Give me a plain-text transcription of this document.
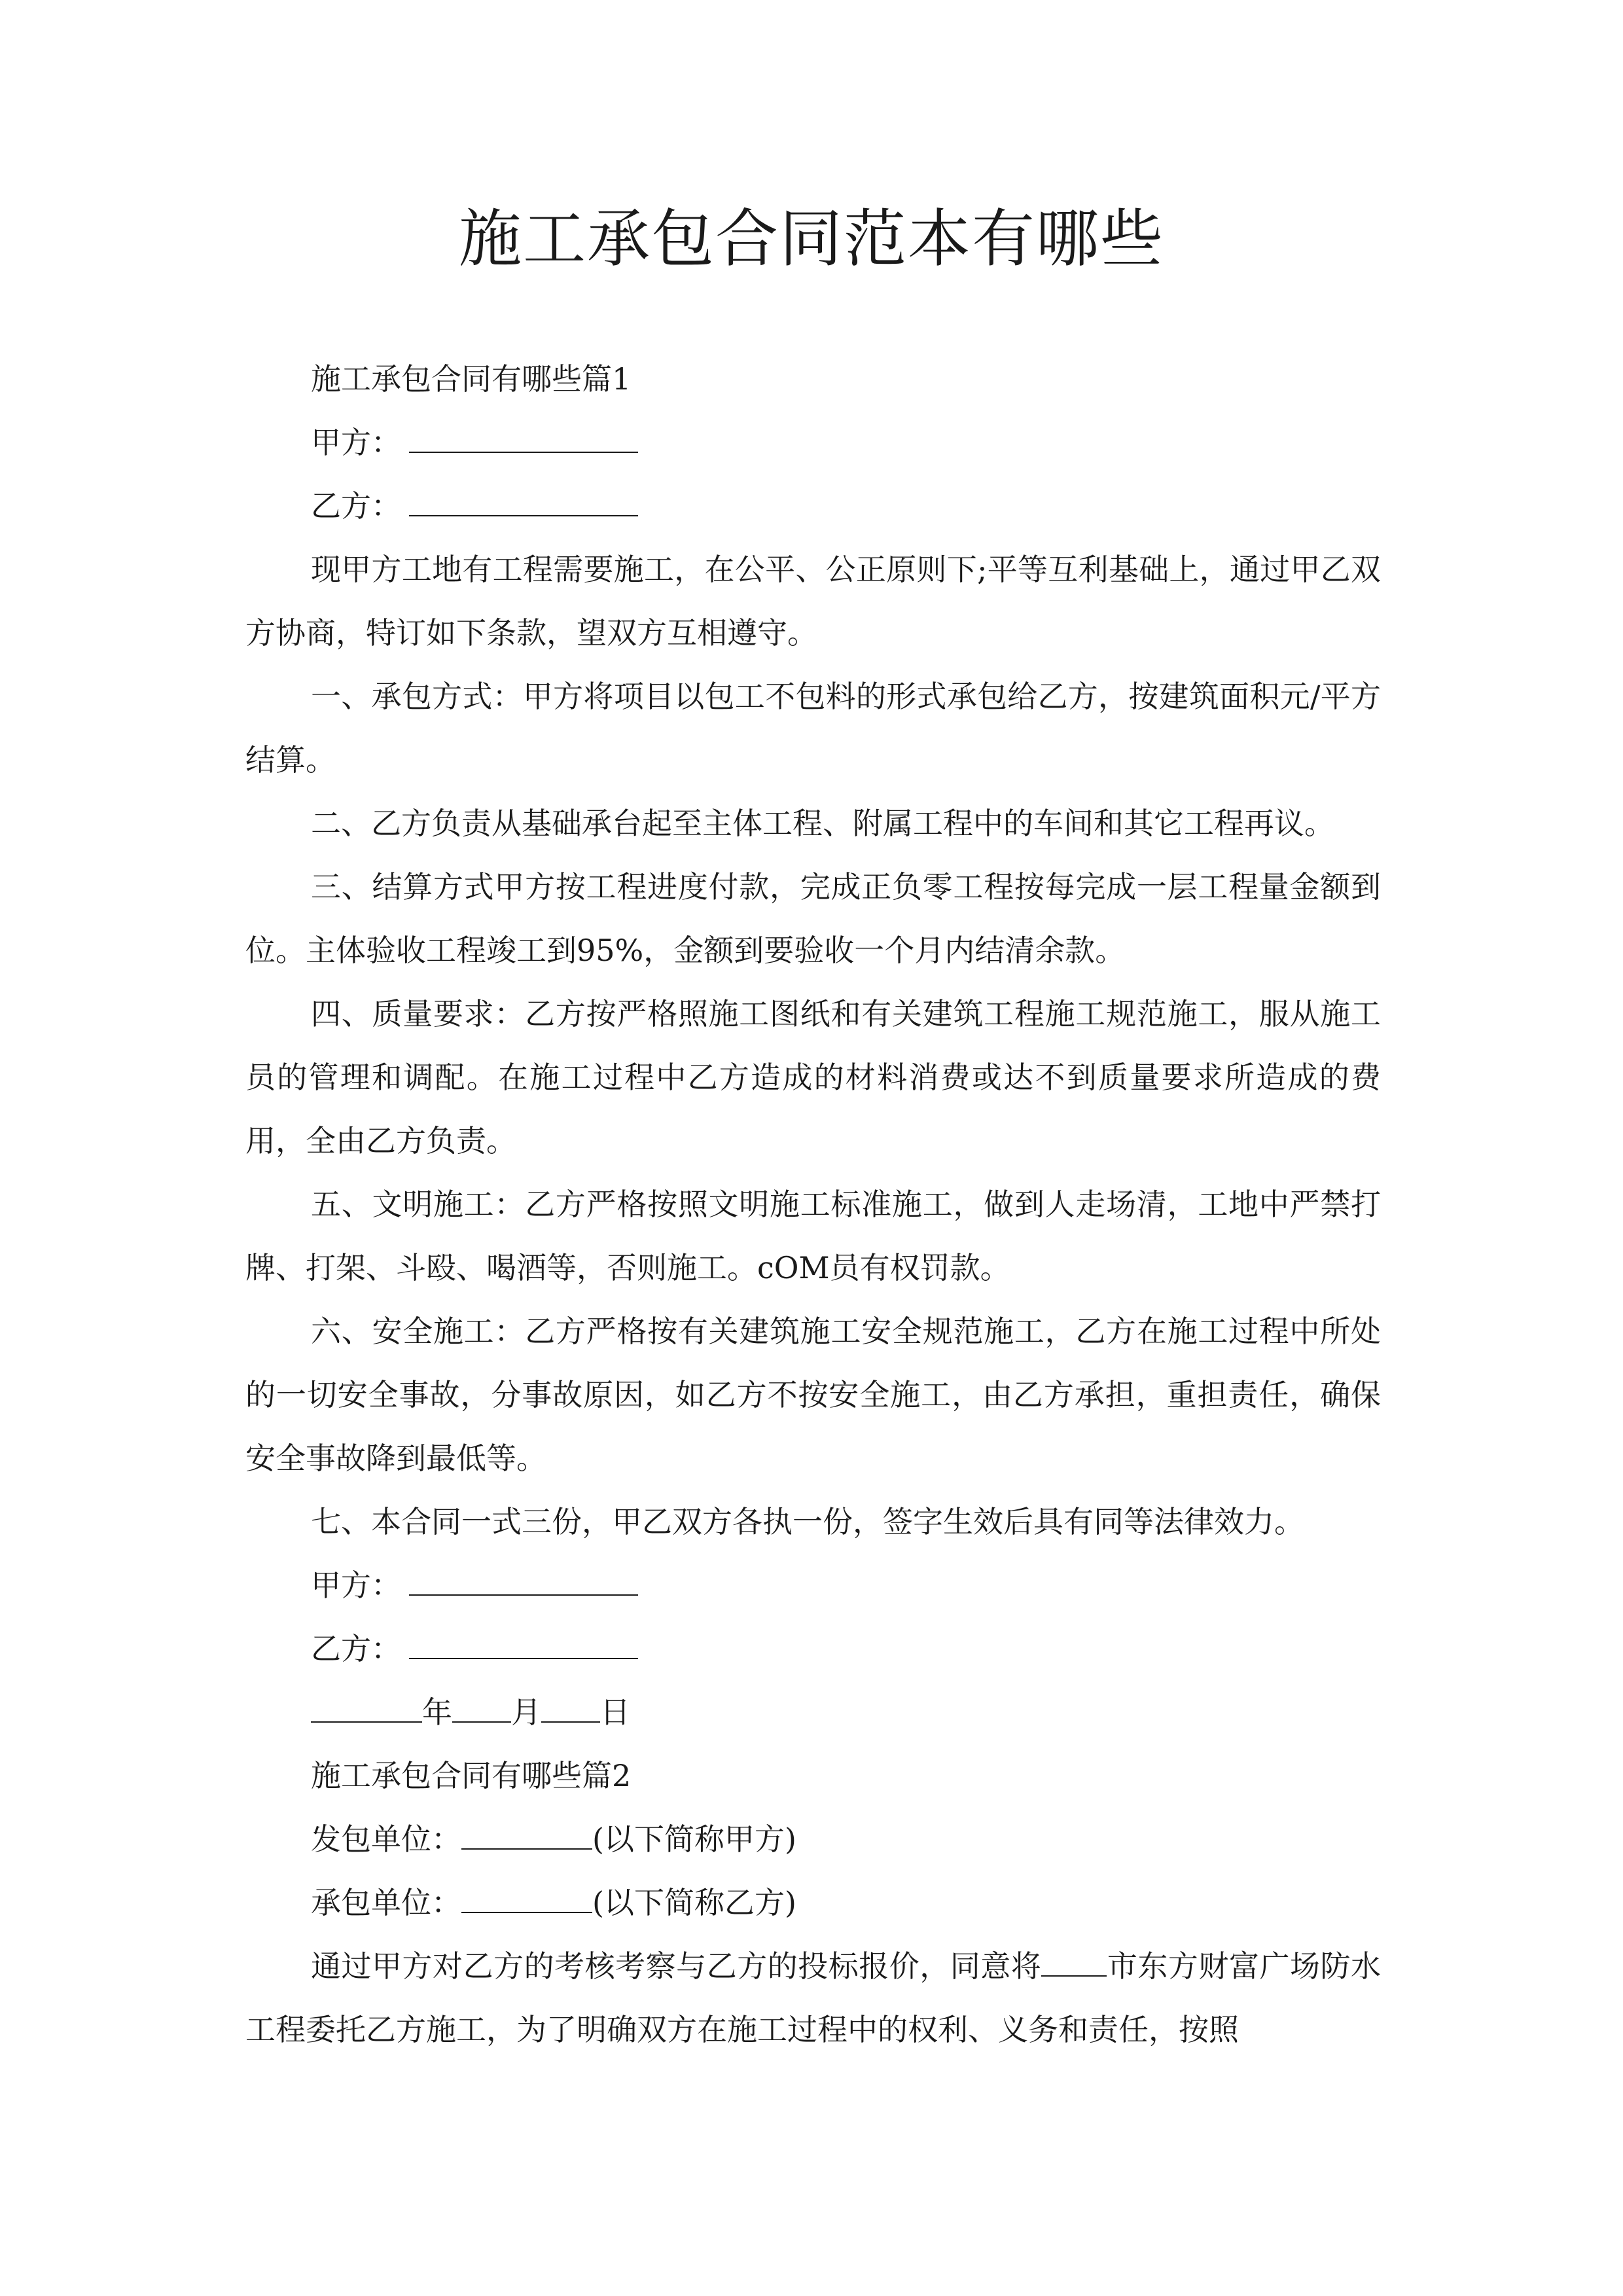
施工承包合同范本有哪些

施工承包合同有哪些篇1

甲方：

乙方：

现甲方工地有工程需要施工，在公平、公正原则下;平等互利基础上，通过甲乙双方协商，特订如下条款，望双方互相遵守。

一、承包方式：甲方将项目以包工不包料的形式承包给乙方，按建筑面积元/平方结算。

二、乙方负责从基础承台起至主体工程、附属工程中的车间和其它工程再议。

三、结算方式甲方按工程进度付款，完成正负零工程按每完成一层工程量金额到位。主体验收工程竣工到95%，金额到要验收一个月内结清余款。

四、质量要求：乙方按严格照施工图纸和有关建筑工程施工规范施工，服从施工员的管理和调配。在施工过程中乙方造成的材料消费或达不到质量要求所造成的费用，全由乙方负责。

五、文明施工：乙方严格按照文明施工标准施工，做到人走场清，工地中严禁打牌、打架、斗殴、喝酒等，否则施工。cOM员有权罚款。

六、安全施工：乙方严格按有关建筑施工安全规范施工，乙方在施工过程中所处的一切安全事故，分事故原因，如乙方不按安全施工，由乙方承担，重担责任，确保安全事故降到最低等。

七、本合同一式三份，甲乙双方各执一份，签字生效后具有同等法律效力。

甲方：

乙方：

年 月 日

施工承包合同有哪些篇2

发包单位：	(以下简称甲方)

承包单位：	(以下简称乙方)

通过甲方对乙方的考核考察与乙方的投标报价，同意将 市东方财富广场防水工程委托乙方施工，为了明确双方在施工过程中的权利、义务和责任，按照
